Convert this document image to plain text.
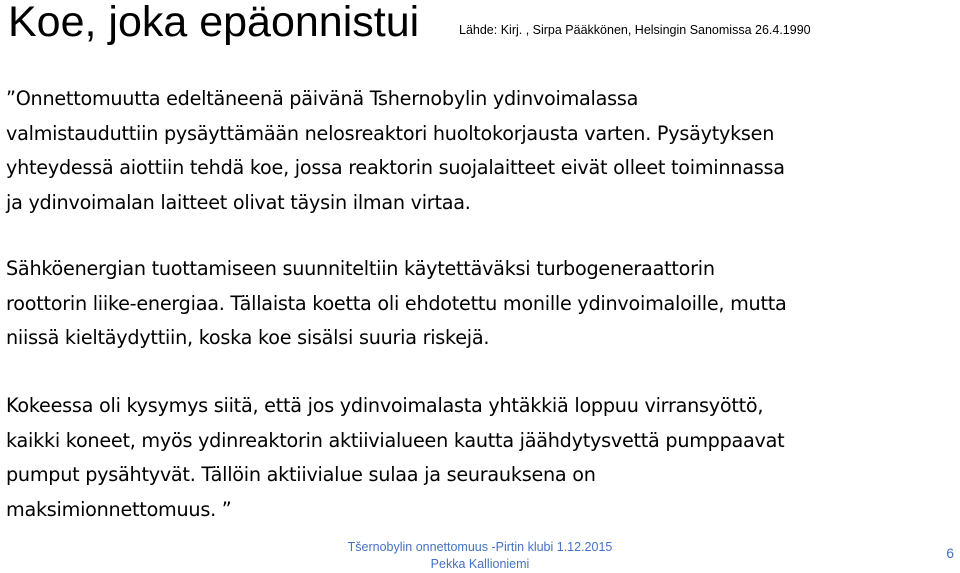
Koe, joka epäonnistui	Lähde: Kirj. , Sirpa Pääkkönen, Helsingin Sanomissa 26.4.1990
”Onnettomuutta edeltäneenä päivänä Tshernobylin ydinvoimalassa
valmistauduttiin pysäyttämään nelosreaktori huoltokorjausta varten. Pysäytyksen
yhteydessä aiottiin tehdä koe, jossa reaktorin suojalaitteet eivät olleet toiminnassa
ja ydinvoimalan laitteet olivat täysin ilman virtaa.
Sähköenergian tuottamiseen suunniteltiin käytettäväksi turbogeneraattorin
roottorin liike-energiaa. Tällaista koetta oli ehdotettu monille ydinvoimaloille, mutta
niissä kieltäydyttiin, koska koe sisälsi suuria riskejä.
Kokeessa oli kysymys siitä, että jos ydinvoimalasta yhtäkkiä loppuu virransyöttö,
kaikki koneet, myös ydinreaktorin aktiivialueen kautta jäähdytysvettä pumppaavat
pumput pysähtyvät. Tällöin aktiivialue sulaa ja seurauksena on
maksimionnettomuus. ”
Tšernobylin onnettomuus -Pirtin klubi 1.12.2015
Pekka Kallioniemi
6
